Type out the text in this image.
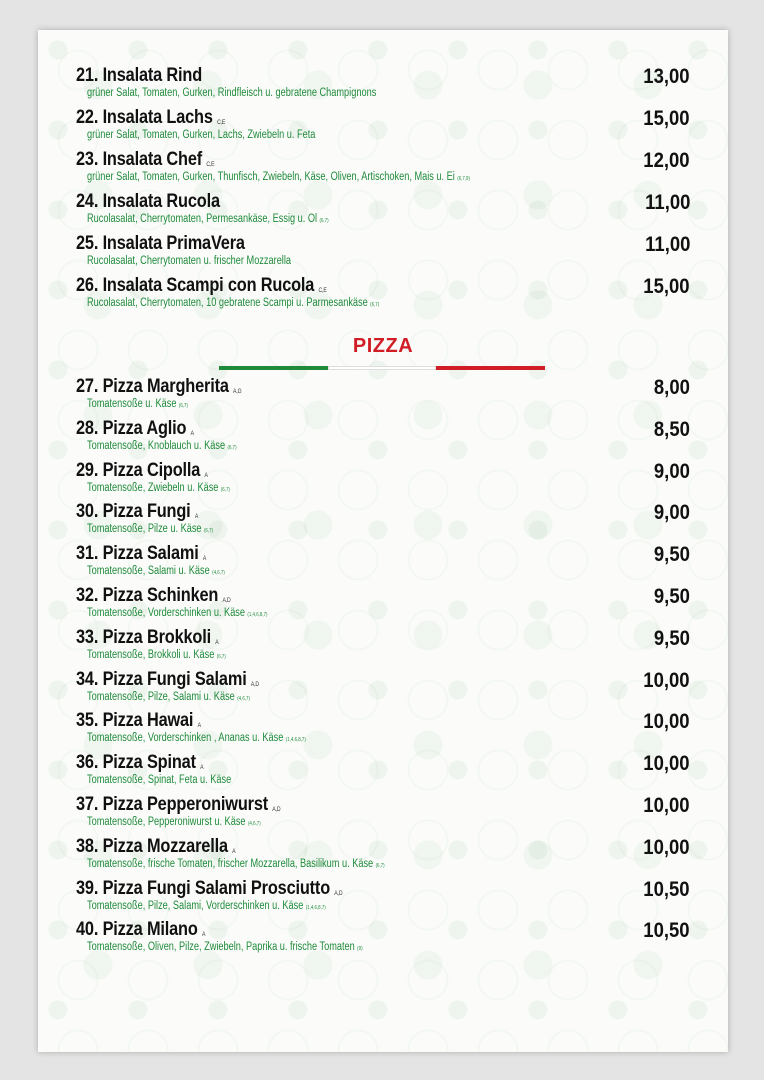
21. Insalata Rind
grüner Salat, Tomaten, Gurken, Rindfleisch u. gebratene Champignons
13,00
22. Insalata Lachs C,E
grüner Salat, Tomaten, Gurken, Lachs, Zwiebeln u. Feta
15,00
23. Insalata Chef C,E
grüner Salat, Tomaten, Gurken, Thunfisch, Zwiebeln, Käse, Oliven, Artischoken, Mais u. Ei (6,7,9)
12,00
24. Insalata Rucola
Rucolasalat, Cherrytomaten, Permesankäse, Essig u. Öl (6,7)
11,00
25. Insalata PrimaVera
Rucolasalat, Cherrytomaten u. frischer Mozzarella
11,00
26. Insalata Scampi con Rucola C,E
Rucolasalat, Cherrytomaten, 10 gebratene Scampi u. Parmesankäse (6,7)
15,00
PIZZA
27. Pizza Margherita A,G
Tomatensoße u. Käse (6,7)
8,00
28. Pizza Aglio A
Tomatensoße, Knoblauch u. Käse (6,7)
8,50
29. Pizza Cipolla A
Tomatensoße, Zwiebeln u. Käse (6,7)
9,00
30. Pizza Fungi A
Tomatensoße, Pilze u. Käse (6,7)
9,00
31. Pizza Salami A
Tomatensoße, Salami u. Käse (4,6,7)
9,50
32. Pizza Schinken A,D
Tomatensoße, Vorderschinken u. Käse (1,4,6,8,7)
9,50
33. Pizza Brokkoli A
Tomatensoße, Brokkoli u. Käse (6,7)
9,50
34. Pizza Fungi Salami A,D
Tomatensoße, Pilze, Salami u. Käse (4,6,7)
10,00
35. Pizza Hawai A
Tomatensoße, Vorderschinken , Ananas u. Käse (1,4,6,8,7)
10,00
36. Pizza Spinat A
Tomatensoße, Spinat, Feta u. Käse
10,00
37. Pizza Pepperoniwurst A,D
Tomatensoße, Pepperoniwurst u. Käse (4,6,7)
10,00
38. Pizza Mozzarella A
Tomatensoße, frische Tomaten, frischer Mozzarella, Basilikum u. Käse (6,7)
10,00
39. Pizza Fungi Salami Prosciutto A,D
Tomatensoße, Pilze, Salami, Vorderschinken u. Käse (1,4,6,8,7)
10,50
40. Pizza Milano A
Tomatensoße, Oliven, Pilze, Zwiebeln, Paprika u. frische Tomaten (9)
10,50
